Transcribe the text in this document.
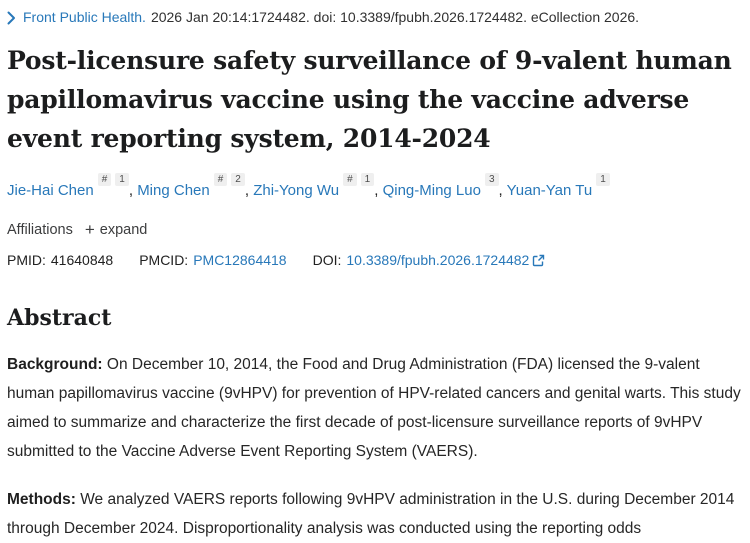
Front Public Health. 2026 Jan 20:14:1724482. doi: 10.3389/fpubh.2026.1724482. eCollection 2026.
Post-licensure safety surveillance of 9-valent human papillomavirus vaccine using the vaccine adverse event reporting system, 2014-2024
Jie-Hai Chen# $^1$, Ming Chen# $^2$, Zhi-Yong Wu# $^1$, Qing-Ming Luo$^3$, Yuan-Yan Tu$^1$
Affiliations + expand
PMID: 41640848 PMCID: PMC12864418 DOI: 10.3389/fpubh.2026.1724482
Abstract

Background: On December 10, 2014, the Food and Drug Administration (FDA) licensed the 9-valent human papillomavirus vaccine (9vHPV) for prevention of HPV-related cancers and genital warts. This study aimed to summarize and characterize the first decade of post-licensure surveillance reports of 9vHPV submitted to the Vaccine Adverse Event Reporting System (VAERS).

Methods: We analyzed VAERS reports following 9vHPV administration in the U.S. during December 2014 through December 2024. Disproportionality analysis was conducted using the reporting odds
